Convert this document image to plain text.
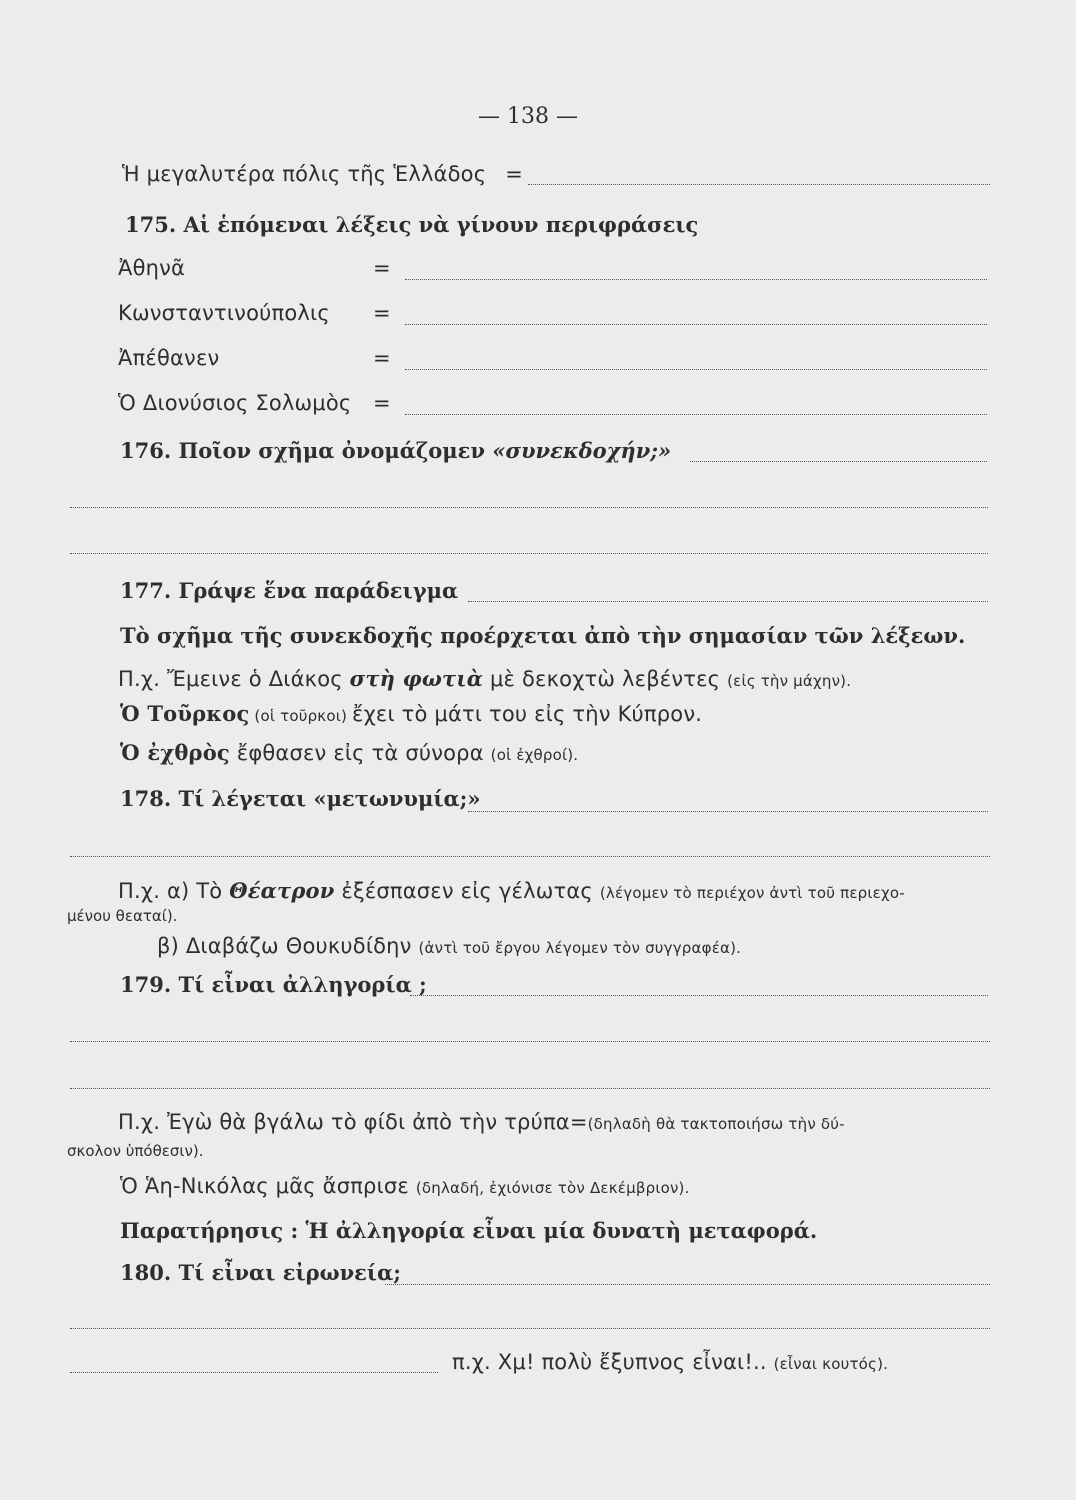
— 138 —
Ἡ μεγαλυτέρα πόλις τῆς Ἑλλάδος =
175. Αἱ ἑπόμεναι λέξεις νὰ γίνουν περιφράσεις
Ἀθηνᾶ	=
Κωνσταντινούπολις =
Ἀπέθανεν	=
Ὁ Διονύσιος Σολωμὸς =
176. Ποῖον σχῆμα ὀνομάζομεν «συνεκδοχήν;»
177. Γράψε ἕνα παράδειγμα
Τὸ σχῆμα τῆς συνεκδοχῆς προέρχεται ἀπὸ τὴν σημασίαν τῶν λέξεων.
Π.χ. Ἔμεινε ὁ Διάκος στὴ φωτιὰ μὲ δεκοχτὼ λεβέντες (εἰς τὴν μάχην).
Ὁ Τοῦρκος (οἱ τοῦρκοι) ἔχει τὸ μάτι του εἰς τὴν Κύπρον.
Ὁ ἐχθρὸς ἔφθασεν εἰς τὰ σύνορα (οἱ ἐχθροί).
178. Τί λέγεται «μετωνυμία;»
Π.χ. α) Τὸ Θέατρον ἐξέσπασεν εἰς γέλωτας (λέγομεν τὸ περιέχον ἀντὶ τοῦ περιεχο-
μένου θεαταί).
β) Διαβάζω Θουκυδίδην (ἀντὶ τοῦ ἔργου λέγομεν τὸν συγγραφέα).
179. Τί εἶναι ἀλληγορία ;
Π.χ. Ἐγὼ θὰ βγάλω τὸ φίδι ἀπὸ τὴν τρύπα=(δηλαδὴ θὰ τακτοποιήσω τὴν δύ-
σκολον ὑπόθεσιν).
Ὁ Ἁη-Νικόλας μᾶς ἄσπρισε (δηλαδή, ἐχιόνισε τὸν Δεκέμβριον).
Παρατήρησις : Ἡ ἀλληγορία εἶναι μία δυνατὴ μεταφορά.
180. Τί εἶναι εἰρωνεία;
π.χ. Χμ! πολὺ ἔξυπνος εἶναι!.. (εἶναι κουτός).
